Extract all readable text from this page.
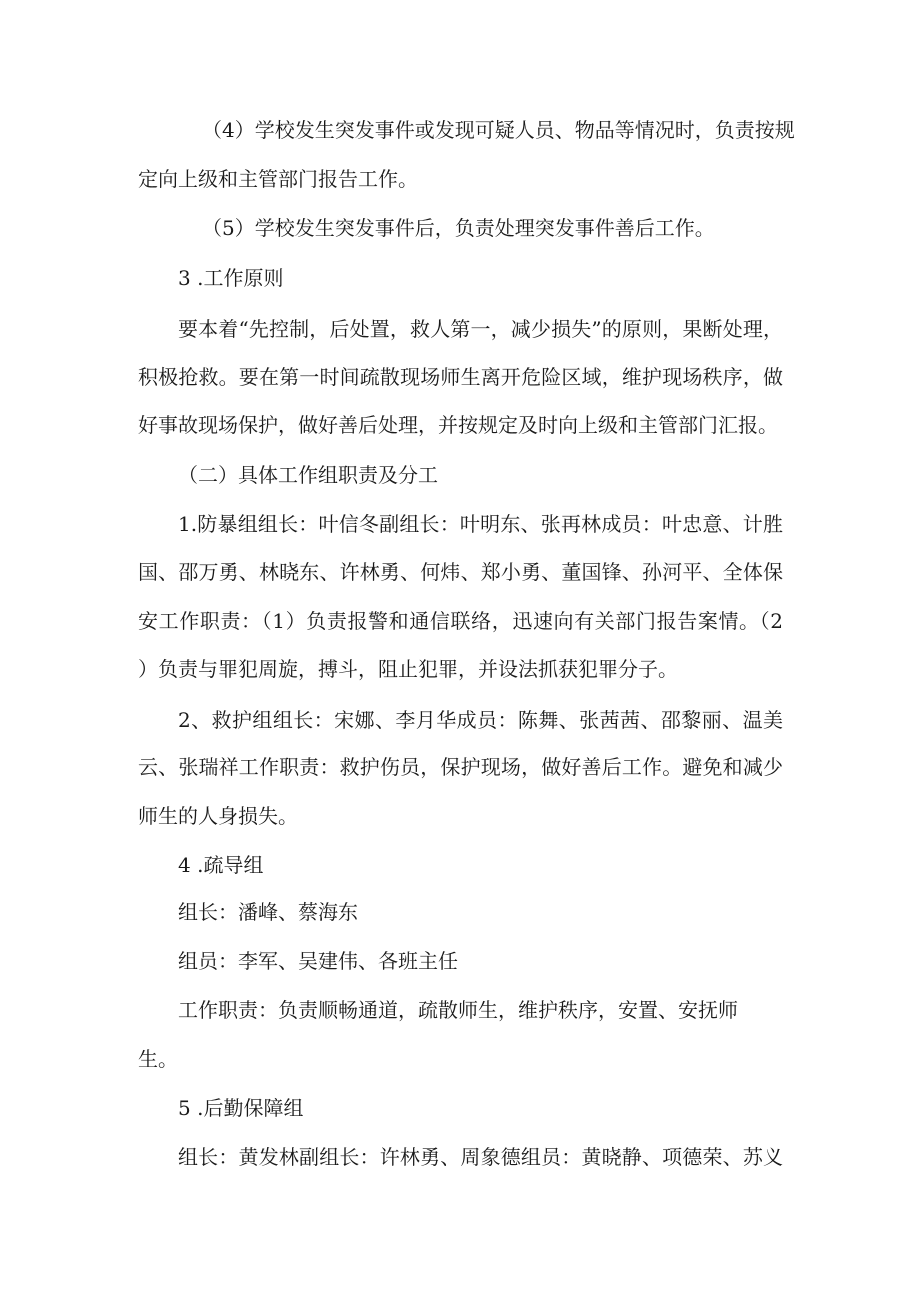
（4）学校发生突发事件或发现可疑人员、物品等情况时，负责按规

定向上级和主管部门报告工作。

（5）学校发生突发事件后，负责处理突发事件善后工作。

3 .工作原则

要本着“先控制，后处置，救人第一，减少损失”的原则，果断处理，

积极抢救。要在第一时间疏散现场师生离开危险区域，维护现场秩序，做

好事故现场保护，做好善后处理，并按规定及时向上级和主管部门汇报。

（二）具体工作组职责及分工

1.防暴组组长：叶信冬副组长：叶明东、张再林成员：叶忠意、计胜

国、邵万勇、林晓东、许林勇、何炜、郑小勇、董国锋、孙河平、全体保

安工作职责：（1）负责报警和通信联络，迅速向有关部门报告案情。（2

）负责与罪犯周旋，搏斗，阻止犯罪，并设法抓获犯罪分子。

2、救护组组长：宋娜、李月华成员：陈舞、张茜茜、邵黎丽、温美

云、张瑞祥工作职责：救护伤员，保护现场，做好善后工作。避免和减少

师生的人身损失。

4 .疏导组

组长：潘峰、蔡海东

组员：李军、吴建伟、各班主任

工作职责：负责顺畅通道，疏散师生，维护秩序，安置、安抚师

生。

5 .后勤保障组

组长：黄发林副组长：许林勇、周象德组员：黄晓静、项德荣、苏义
